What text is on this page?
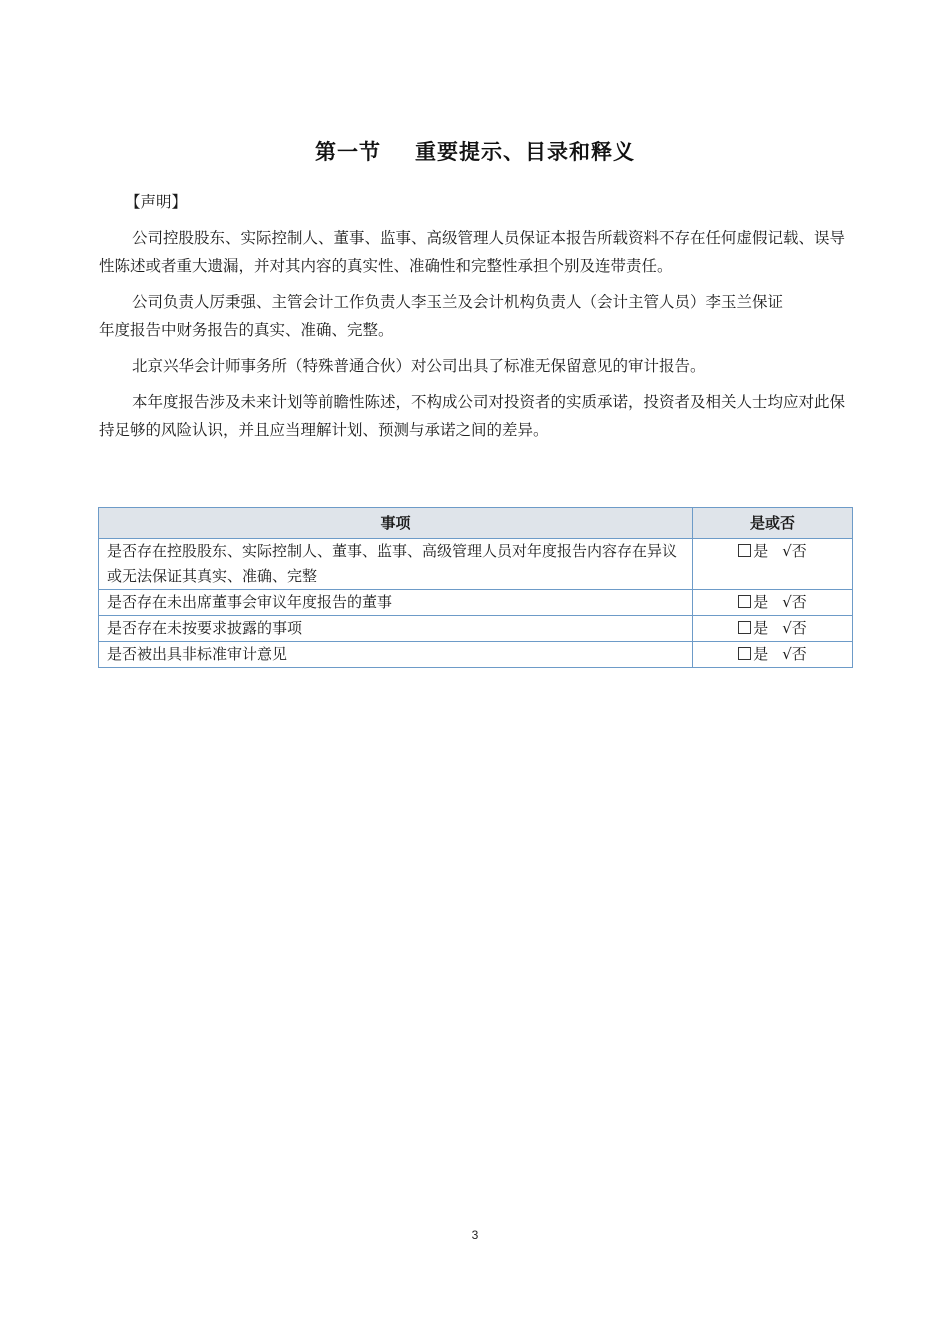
第一节 重要提示、目录和释义

【声明】

公司控股股东、实际控制人、董事、监事、高级管理人员保证本报告所载资料不存在任何虚假记载、误导性陈述或者重大遗漏，并对其内容的真实性、准确性和完整性承担个别及连带责任。

公司负责人厉秉强、主管会计工作负责人李玉兰及会计机构负责人（会计主管人员）李玉兰保证

年度报告中财务报告的真实、准确、完整。

北京兴华会计师事务所（特殊普通合伙）对公司出具了标准无保留意见的审计报告。

本年度报告涉及未来计划等前瞻性陈述，不构成公司对投资者的实质承诺，投资者及相关人士均应对此保持足够的风险认识，并且应当理解计划、预测与承诺之间的差异。

事项	是或否
是否存在控股股东、实际控制人、董事、监事、高级管理人员对年度报告内容存在异议或无法保证其真实、准确、完整	是 √否
是否存在未出席董事会审议年度报告的董事	是 √否
是否存在未按要求披露的事项	是 √否
是否被出具非标准审计意见	是 √否
3
